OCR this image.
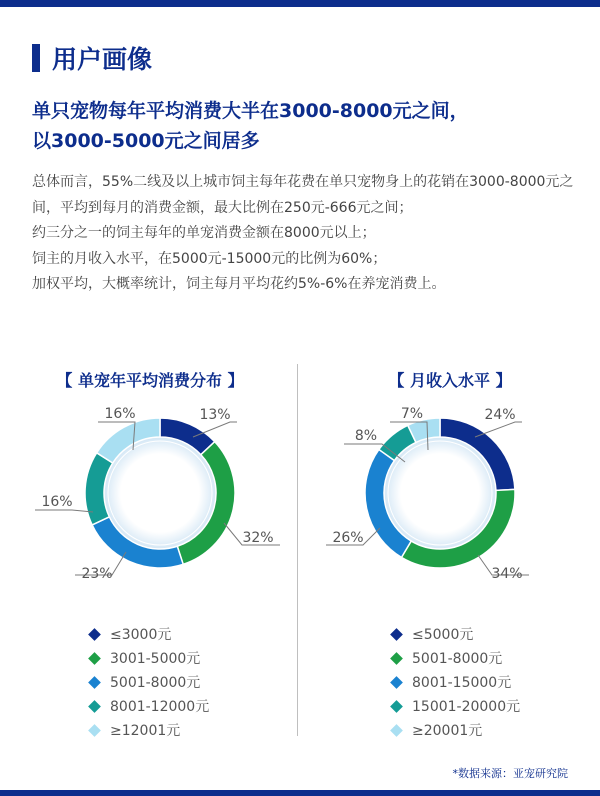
用户画像
单只宠物每年平均消费大半在3000-8000元之间，
以3000-5000元之间居多

总体而言，55%二线及以上城市饲主每年花费在单只宠物身上的花销在3000-8000元之间，平均到每月的消费金额，最大比例在250元-666元之间；

约三分之一的饲主每年的单宠消费金额在8000元以上；

饲主的月收入水平，在5000元-15000元的比例为60%；

加权平均，大概率统计，饲主每月平均花约5%-6%在养宠消费上。

【 单宠年平均消费分布 】	【 月收入水平 】
13%
32%
23%
16%
16%	24%
34%
26%
8%
7%
≤3000元
3001-5000元
5001-8000元
8001-12000元
≥12001元
≤5000元
5001-8000元
8001-15000元
15001-20000元
≥20001元
*数据来源：亚宠研究院
